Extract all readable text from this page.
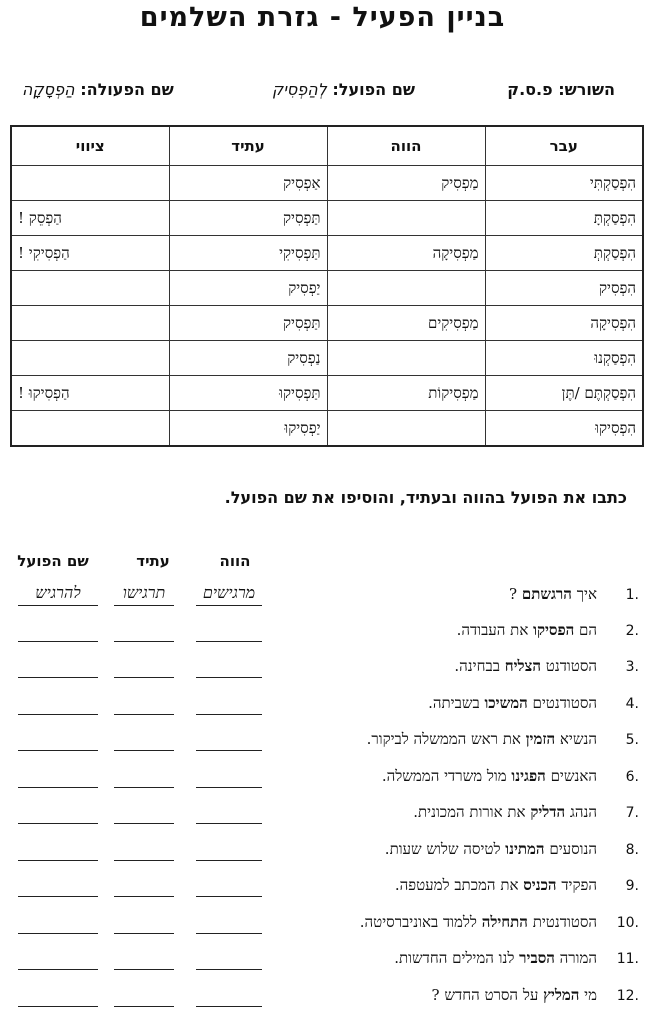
בניין הפעיל - גזרת השלמים
השורש: פ.ס.ק
שם הפועל: לְהַפְסִיק
שם הפעולה: הַפְסָקָה
עבר	הווה	עתיד	ציווי
הִפְסַקְתִּי	מַפְסִיק	אַפְסִיק	
הִפְסַקְתָּ		תַּפְסִיק	הַפְסֵק !
הִפְסַקְתְּ	מַפְסִיקָה	תַּפְסִיקִי	הַפְסִיקִי !
הִפְסִיק		יַפְסִיק	
הִפְסִיקָה	מַפְסִיקִים	תַּפְסִיק	
הִפְסַקְנוּ		נַפְסִיק	
הִפְסַקְתֶּם /תֶּן	מַפְסִיקוֹת	תַּפְסִיקוּ	הַפְסִיקוּ !
הִפְסִיקוּ		יַפְסִיקוּ	
כתבו את הפועל בהווה ובעתיד, והוסיפו את שם הפועל.
הווה
עתיד
שם הפועל
1.
איך הרגשתם ?
מרגישים
תרגישו
להרגיש
2.
הם הפסיקו את העבודה.
3.
הסטודנט הצליח בבחינה.
4.
הסטודנטים המשיכו בשביתה.
5.
הנשיא הזמין את ראש הממשלה לביקור.
6.
האנשים הפגינו מול משרדי הממשלה.
7.
הנהג הדליק את אורות המכונית.
8.
הנוסעים המתינו לטיסה שלוש שעות.
9.
הפקיד הכניס את המכתב למעטפה.
10.
הסטודנטית התחילה ללמוד באוניברסיטה.
11.
המורה הסביר לנו המילים החדשות.
12.
מי המליץ על הסרט החדש ?
